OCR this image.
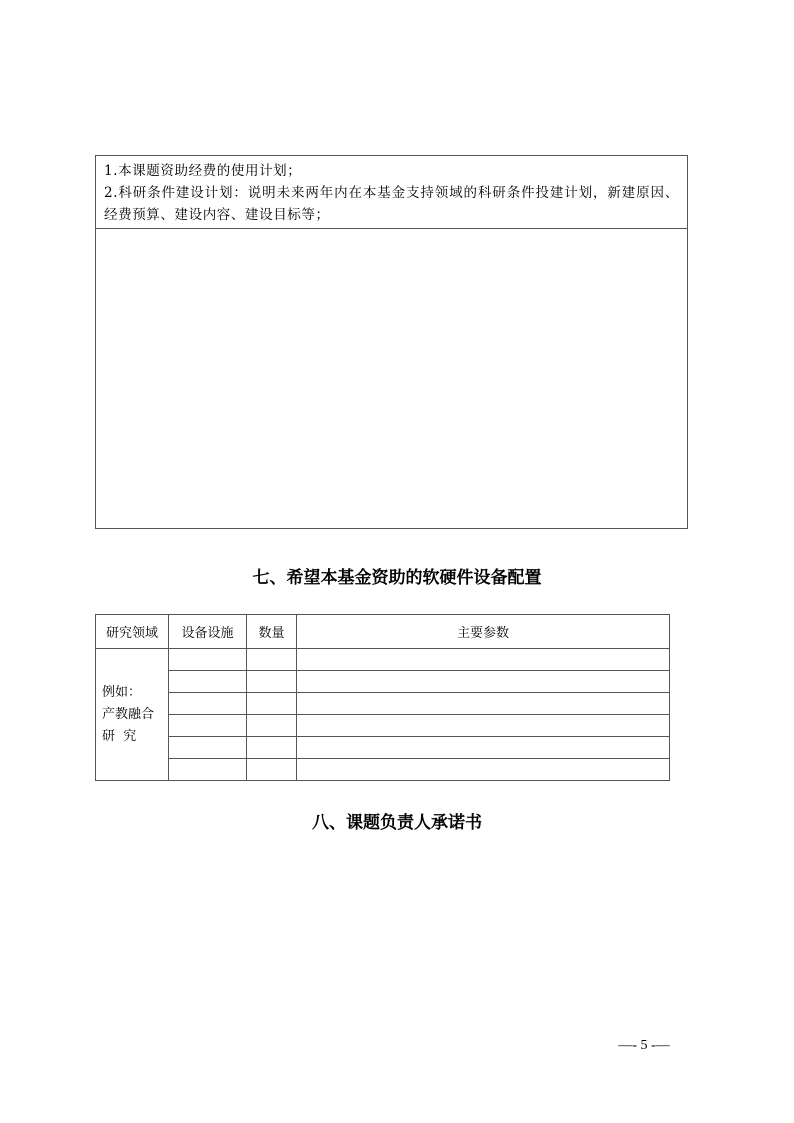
1.本课题资助经费的使用计划；

2.科研条件建设计划：说明未来两年内在本基金支持领域的科研条件投建计划，新建原因、经费预算、建设内容、建设目标等；

七、希望本基金资助的软硬件设备配置
研究领域	设备设施	数量	主要参数

例如：
产教融合
研  究			

八、课题负责人承诺书
—- 5 -—
